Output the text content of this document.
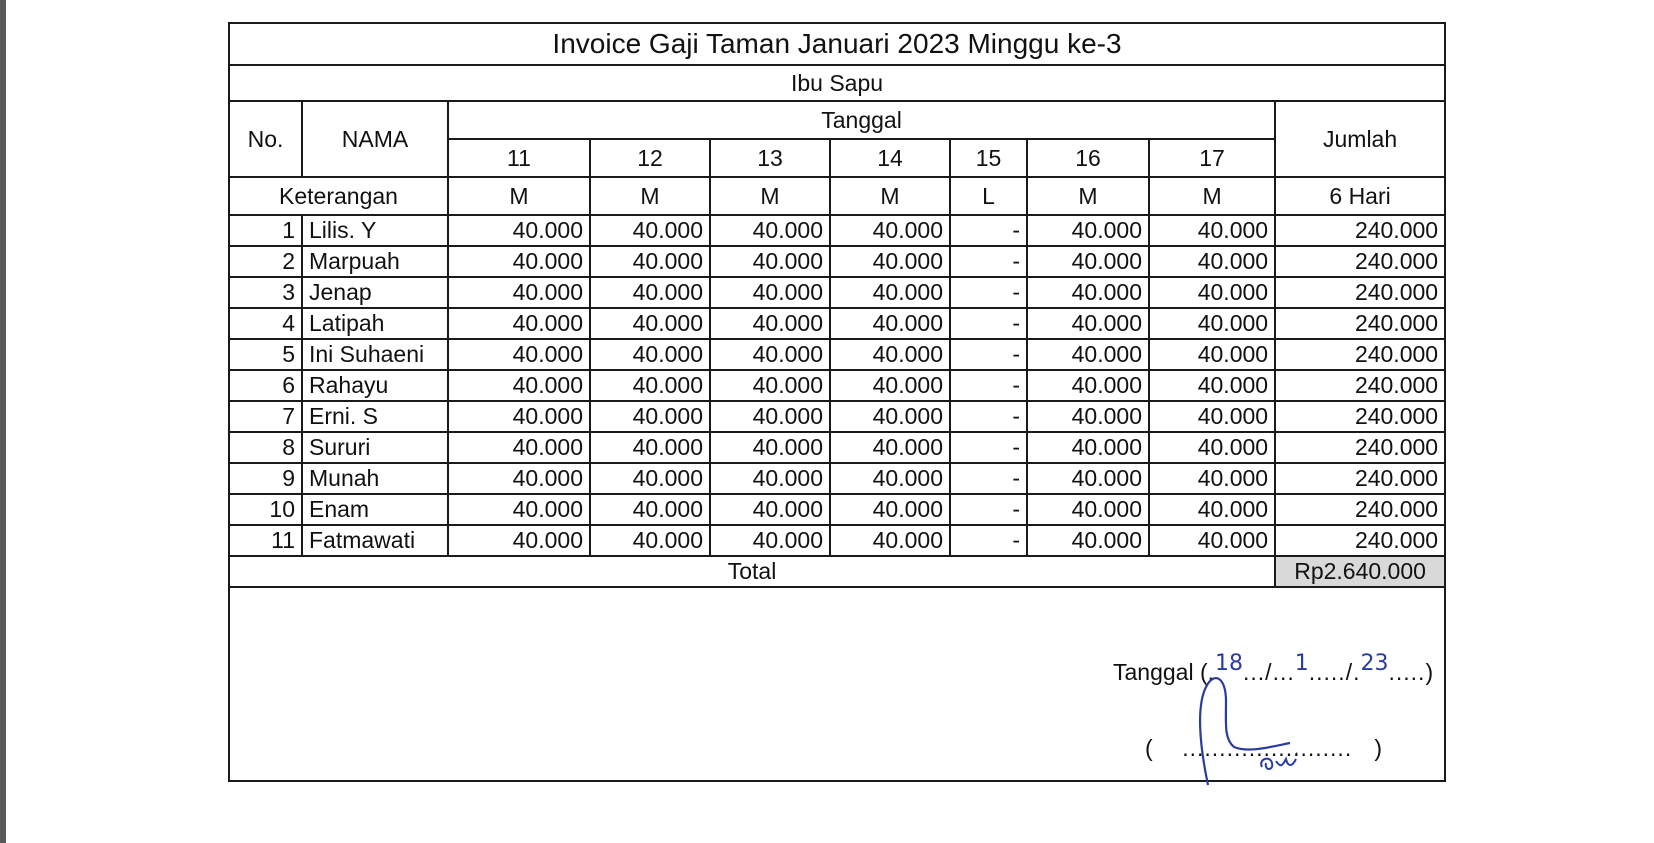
Invoice Gaji Taman Januari 2023 Minggu ke-3
Ibu Sapu
No.	NAMA	Tanggal							Jumlah
		11	12	13	14	15	16	17	
Keterangan		M	M	M	M	L	M	M	6 Hari
1	Lilis. Y	40.000	40.000	40.000	40.000	-	40.000	40.000	240.000
2	Marpuah	40.000	40.000	40.000	40.000	-	40.000	40.000	240.000
3	Jenap	40.000	40.000	40.000	40.000	-	40.000	40.000	240.000
4	Latipah	40.000	40.000	40.000	40.000	-	40.000	40.000	240.000
5	Ini Suhaeni	40.000	40.000	40.000	40.000	-	40.000	40.000	240.000
6	Rahayu	40.000	40.000	40.000	40.000	-	40.000	40.000	240.000
7	Erni. S	40.000	40.000	40.000	40.000	-	40.000	40.000	240.000
8	Sururi	40.000	40.000	40.000	40.000	-	40.000	40.000	240.000
9	Munah	40.000	40.000	40.000	40.000	-	40.000	40.000	240.000
10	Enam	40.000	40.000	40.000	40.000	-	40.000	40.000	240.000
11	Fatmawati	40.000	40.000	40.000	40.000	-	40.000	40.000	240.000
Total									Rp2.640.000
Tanggal (.18.../...1...../.23.....)
(    .......................   )
